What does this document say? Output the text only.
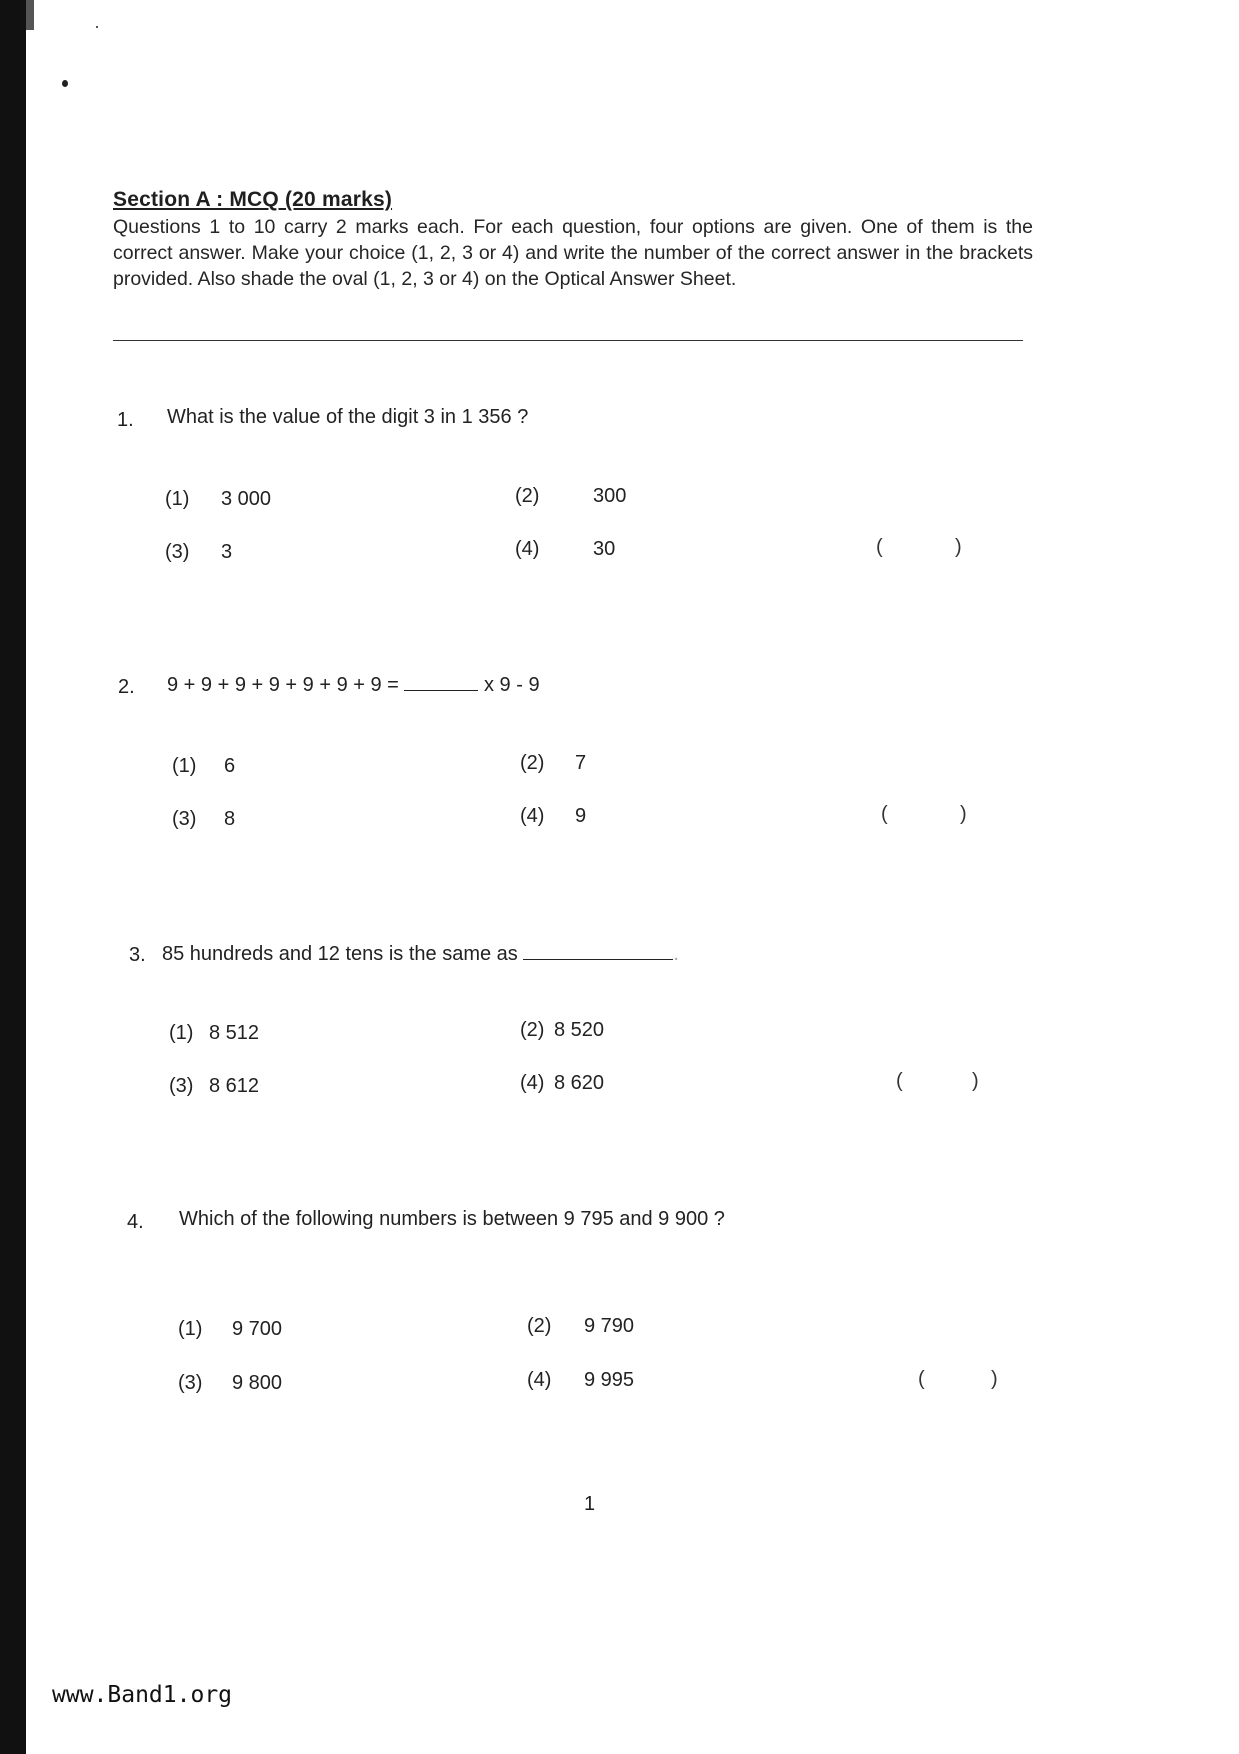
Section A : MCQ (20 marks)
Questions 1 to 10 carry 2 marks each. For each question, four options are given. One of them is the correct answer. Make your choice (1, 2, 3 or 4) and write the number of the correct answer in the brackets provided. Also shade the oval (1, 2, 3 or 4) on the Optical Answer Sheet.
1. What is the value of the digit 3 in 1 356 ?
(1) 3 000	(2)	300
(3) 3	(4)	30	(	)
2. 9 + 9 + 9 + 9 + 9 + 9 + 9 =	x 9 - 9
(1) 6	(2) 7
(3) 8	(4) 9	(	)
3. 85 hundreds and 12 tens is the same as	.
(1) 8 512	(2) 8 520
(3) 8 612	(4) 8 620	(	)
4. Which of the following numbers is between 9 795 and 9 900 ?
(1) 9 700	(2) 9 790
(3) 9 800	(4) 9 995	(	)
1
www.Band1.org
